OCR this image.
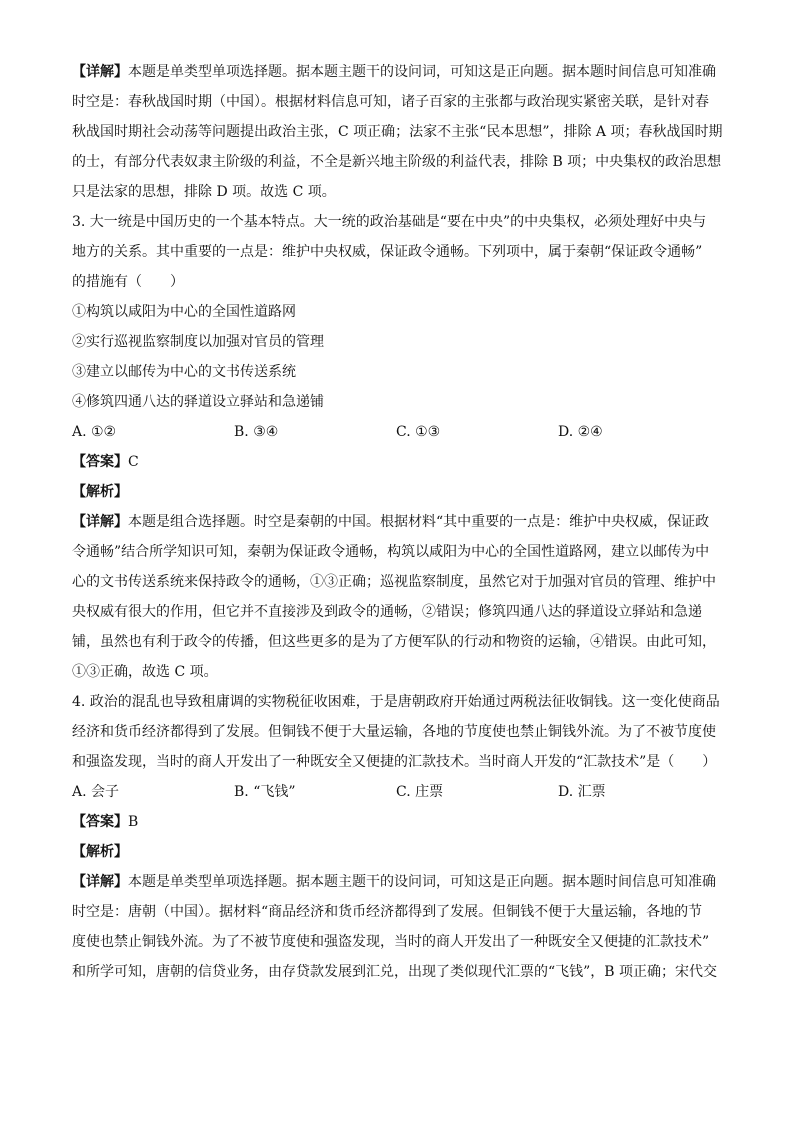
【详解】本题是单类型单项选择题。据本题主题干的设问词，可知这是正向题。据本题时间信息可知准确

时空是：春秋战国时期（中国）。根据材料信息可知，诸子百家的主张都与政治现实紧密关联，是针对春

秋战国时期社会动荡等问题提出政治主张，C 项正确；法家不主张“民本思想”，排除 A 项；春秋战国时期

的士，有部分代表奴隶主阶级的利益，不全是新兴地主阶级的利益代表，排除 B 项；中央集权的政治思想

只是法家的思想，排除 D 项。故选 C 项。

3. 大一统是中国历史的一个基本特点。大一统的政治基础是“要在中央”的中央集权，必须处理好中央与

地方的关系。其中重要的一点是：维护中央权威，保证政令通畅。下列项中，属于秦朝“保证政令通畅”

的措施有（　　）

①构筑以咸阳为中心的全国性道路网

②实行巡视监察制度以加强对官员的管理

③建立以邮传为中心的文书传送系统

④修筑四通八达的驿道设立驿站和急递铺

A. ①②	B. ③④	C. ①③	D. ②④

【答案】C

【解析】

【详解】本题是组合选择题。时空是秦朝的中国。根据材料“其中重要的一点是：维护中央权威，保证政

令通畅”结合所学知识可知，秦朝为保证政令通畅，构筑以咸阳为中心的全国性道路网，建立以邮传为中

心的文书传送系统来保持政令的通畅，①③正确；巡视监察制度，虽然它对于加强对官员的管理、维护中

央权威有很大的作用，但它并不直接涉及到政令的通畅，②错误；修筑四通八达的驿道设立驿站和急递

铺，虽然也有利于政令的传播，但这些更多的是为了方便军队的行动和物资的运输，④错误。由此可知，

①③正确，故选 C 项。

4. 政治的混乱也导致租庸调的实物税征收困难，于是唐朝政府开始通过两税法征收铜钱。这一变化使商品

经济和货币经济都得到了发展。但铜钱不便于大量运输，各地的节度使也禁止铜钱外流。为了不被节度使

和强盗发现，当时的商人开发出了一种既安全又便捷的汇款技术。当时商人开发的“汇款技术”是（　　）

A. 会子	B. “飞钱”	C. 庄票	D. 汇票

【答案】B

【解析】

【详解】本题是单类型单项选择题。据本题主题干的设问词，可知这是正向题。据本题时间信息可知准确

时空是：唐朝（中国）。据材料“商品经济和货币经济都得到了发展。但铜钱不便于大量运输，各地的节

度使也禁止铜钱外流。为了不被节度使和强盗发现，当时的商人开发出了一种既安全又便捷的汇款技术”

和所学可知，唐朝的信贷业务，由存贷款发展到汇兑，出现了类似现代汇票的“飞钱”，B 项正确；宋代交
